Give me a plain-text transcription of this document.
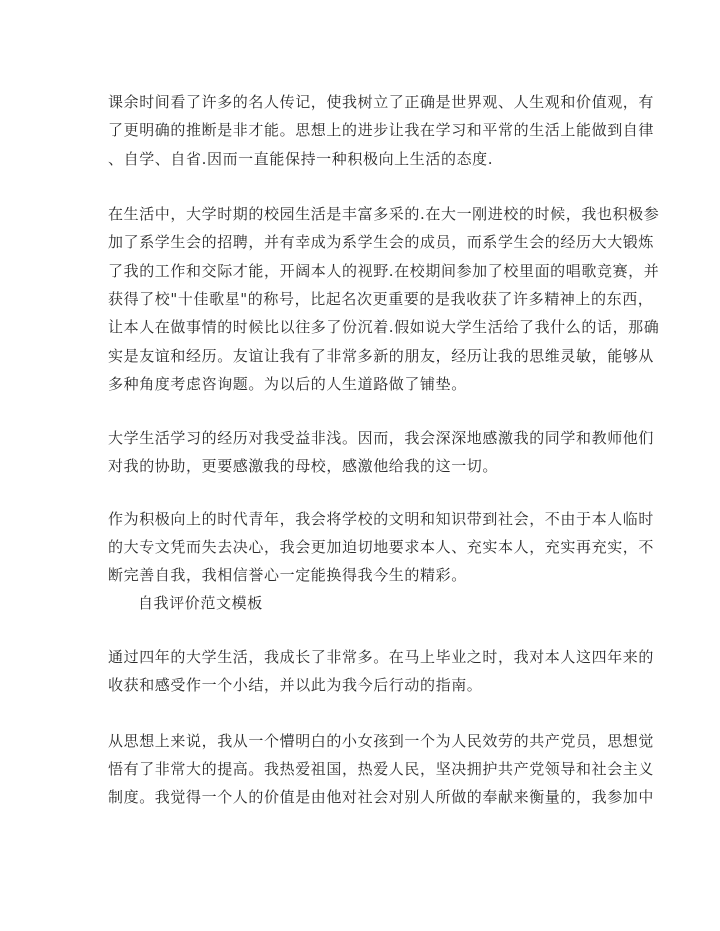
课余时间看了许多的名人传记，使我树立了正确是世界观、人生观和价值观，有
了更明确的推断是非才能。思想上的进步让我在学习和平常的生活上能做到自律
、自学、自省.因而一直能保持一种积极向上生活的态度.
在生活中，大学时期的校园生活是丰富多采的.在大一刚进校的时候，我也积极参
加了系学生会的招聘，并有幸成为系学生会的成员，而系学生会的经历大大锻炼
了我的工作和交际才能，开阔本人的视野.在校期间参加了校里面的唱歌竞赛，并
获得了校"十佳歌星"的称号，比起名次更重要的是我收获了许多精神上的东西，
让本人在做事情的时候比以往多了份沉着.假如说大学生活给了我什么的话，那确
实是友谊和经历。友谊让我有了非常多新的朋友，经历让我的思维灵敏，能够从
多种角度考虑咨询题。为以后的人生道路做了铺垫。
大学生活学习的经历对我受益非浅。因而，我会深深地感激我的同学和教师他们
对我的协助，更要感激我的母校，感激他给我的这一切。
作为积极向上的时代青年，我会将学校的文明和知识带到社会，不由于本人临时
的大专文凭而失去决心，我会更加迫切地要求本人、充实本人，充实再充实，不
断完善自我，我相信誉心一定能换得我今生的精彩。
自我评价范文模板
通过四年的大学生活，我成长了非常多。在马上毕业之时，我对本人这四年来的
收获和感受作一个小结，并以此为我今后行动的指南。
从思想上来说，我从一个懵明白的小女孩到一个为人民效劳的共产党员，思想觉
悟有了非常大的提高。我热爱祖国，热爱人民，坚决拥护共产党领导和社会主义
制度。我觉得一个人的价值是由他对社会对别人所做的奉献来衡量的，我参加中
